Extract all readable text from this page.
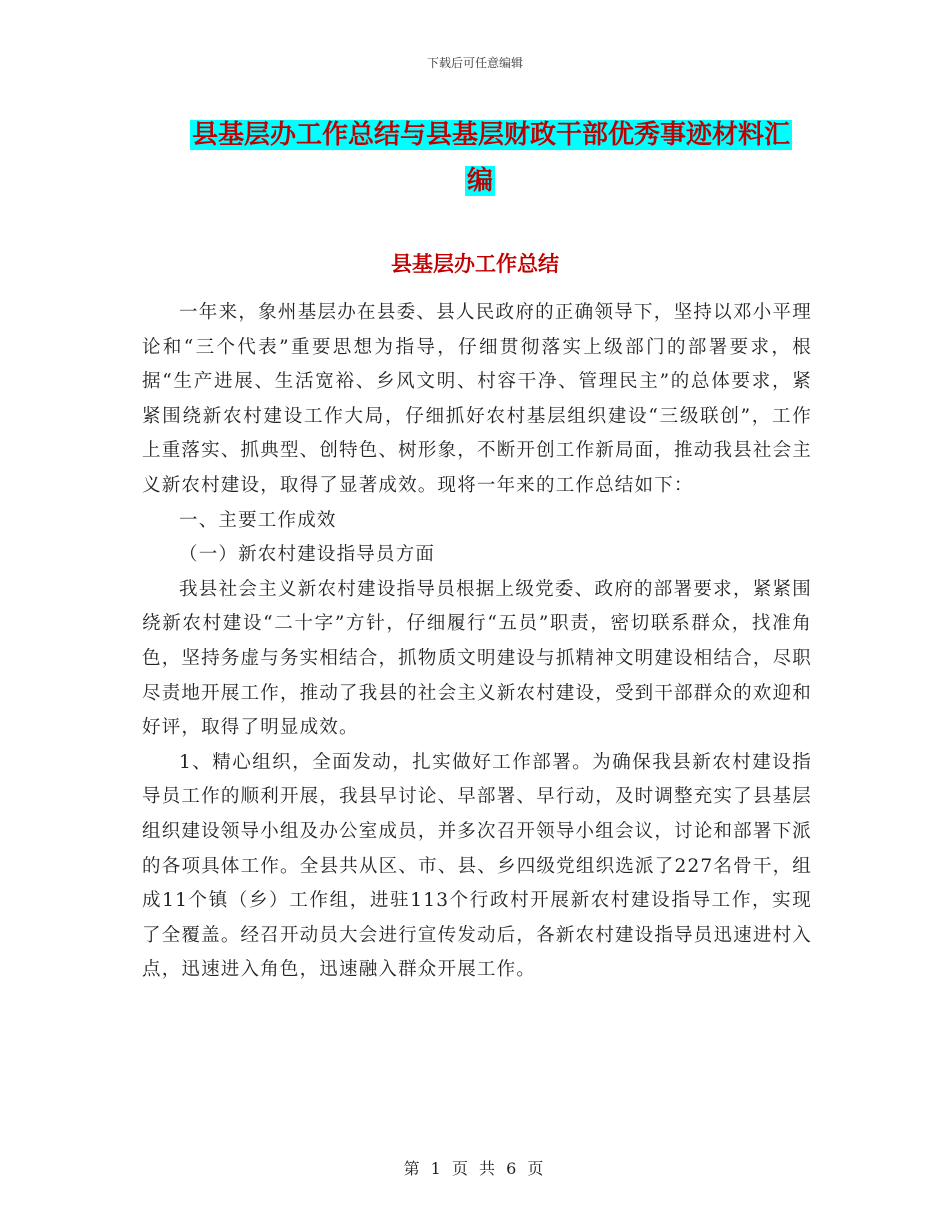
下载后可任意编辑
县基层办工作总结与县基层财政干部优秀事迹材料汇
编
县基层办工作总结

一年来，象州基层办在县委、县人民政府的正确领导下，坚持以邓小平理论和“三个代表”重要思想为指导，仔细贯彻落实上级部门的部署要求，根据“生产进展、生活宽裕、乡风文明、村容干净、管理民主”的总体要求，紧紧围绕新农村建设工作大局，仔细抓好农村基层组织建设“三级联创”，工作上重落实、抓典型、创特色、树形象，不断开创工作新局面，推动我县社会主义新农村建设，取得了显著成效。现将一年来的工作总结如下：

一、主要工作成效

（一）新农村建设指导员方面

我县社会主义新农村建设指导员根据上级党委、政府的部署要求，紧紧围绕新农村建设“二十字”方针，仔细履行“五员”职责，密切联系群众，找准角色，坚持务虚与务实相结合，抓物质文明建设与抓精神文明建设相结合，尽职尽责地开展工作，推动了我县的社会主义新农村建设，受到干部群众的欢迎和好评，取得了明显成效。

1、精心组织，全面发动，扎实做好工作部署。为确保我县新农村建设指导员工作的顺利开展，我县早讨论、早部署、早行动，及时调整充实了县基层组织建设领导小组及办公室成员，并多次召开领导小组会议，讨论和部署下派的各项具体工作。全县共从区、市、县、乡四级党组织选派了227名骨干，组成11个镇（乡）工作组，进驻113个行政村开展新农村建设指导工作，实现了全覆盖。经召开动员大会进行宣传发动后，各新农村建设指导员迅速进村入点，迅速进入角色，迅速融入群众开展工作。

第 1 页 共 6 页
